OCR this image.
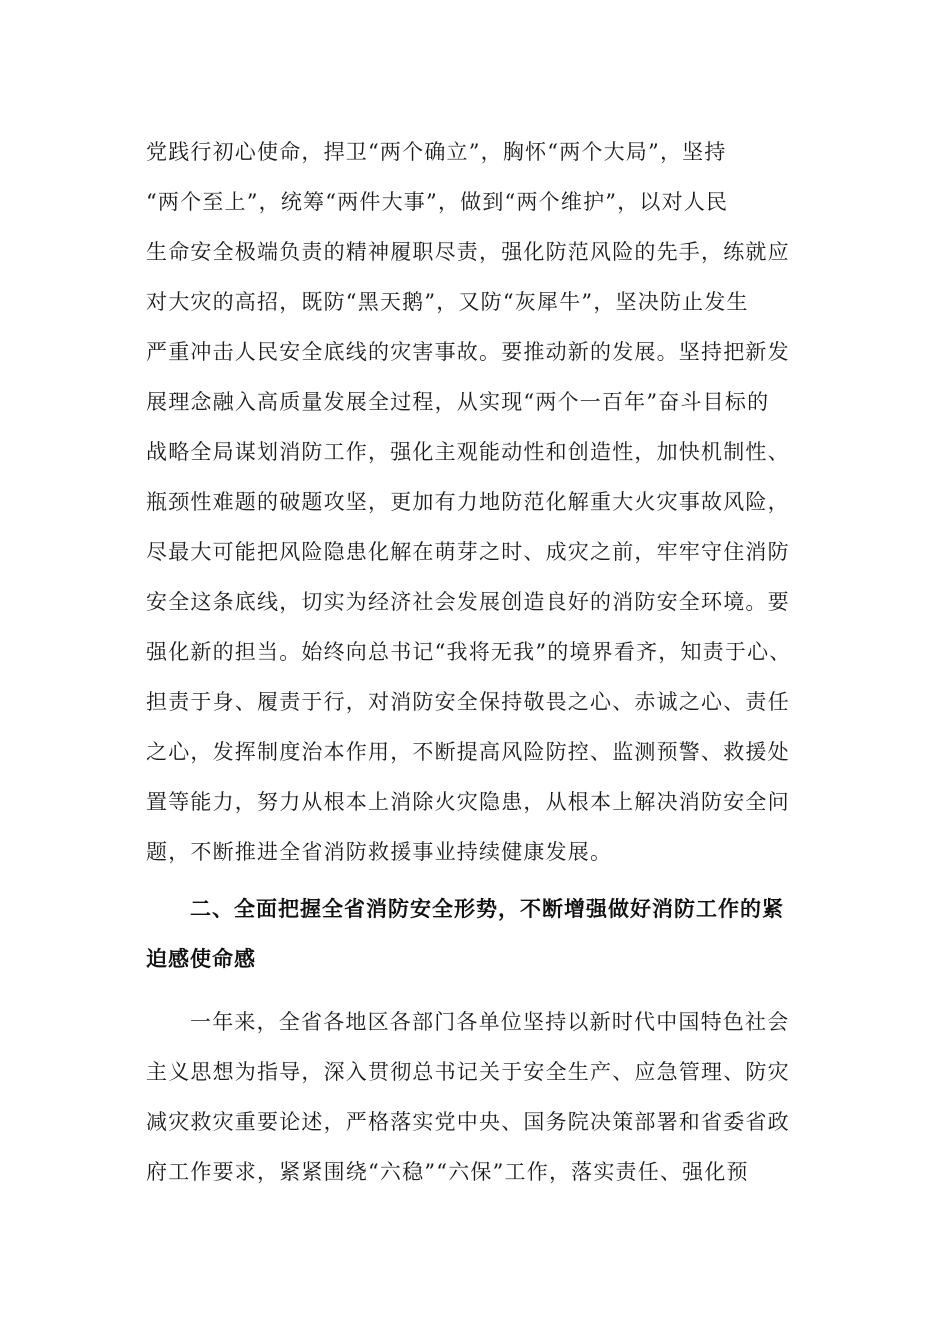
党践行初心使命，捍卫“两个确立”，胸怀“两个大局”，坚持
“两个至上”，统筹“两件大事”，做到“两个维护”，以对人民
生命安全极端负责的精神履职尽责，强化防范风险的先手，练就应
对大灾的高招，既防“黑天鹅”，又防“灰犀牛”，坚决防止发生
严重冲击人民安全底线的灾害事故。要推动新的发展。坚持把新发
展理念融入高质量发展全过程，从实现“两个一百年”奋斗目标的
战略全局谋划消防工作，强化主观能动性和创造性，加快机制性、
瓶颈性难题的破题攻坚，更加有力地防范化解重大火灾事故风险，
尽最大可能把风险隐患化解在萌芽之时、成灾之前，牢牢守住消防
安全这条底线，切实为经济社会发展创造良好的消防安全环境。要
强化新的担当。始终向总书记“我将无我”的境界看齐，知责于心、
担责于身、履责于行，对消防安全保持敬畏之心、赤诚之心、责任
之心，发挥制度治本作用，不断提高风险防控、监测预警、救援处
置等能力，努力从根本上消除火灾隐患，从根本上解决消防安全问
题，不断推进全省消防救援事业持续健康发展。
二、全面把握全省消防安全形势，不断增强做好消防工作的紧
迫感使命感
一年来，全省各地区各部门各单位坚持以新时代中国特色社会
主义思想为指导，深入贯彻总书记关于安全生产、应急管理、防灾
减灾救灾重要论述，严格落实党中央、国务院决策部署和省委省政
府工作要求，紧紧围绕“六稳”“六保”工作，落实责任、强化预
